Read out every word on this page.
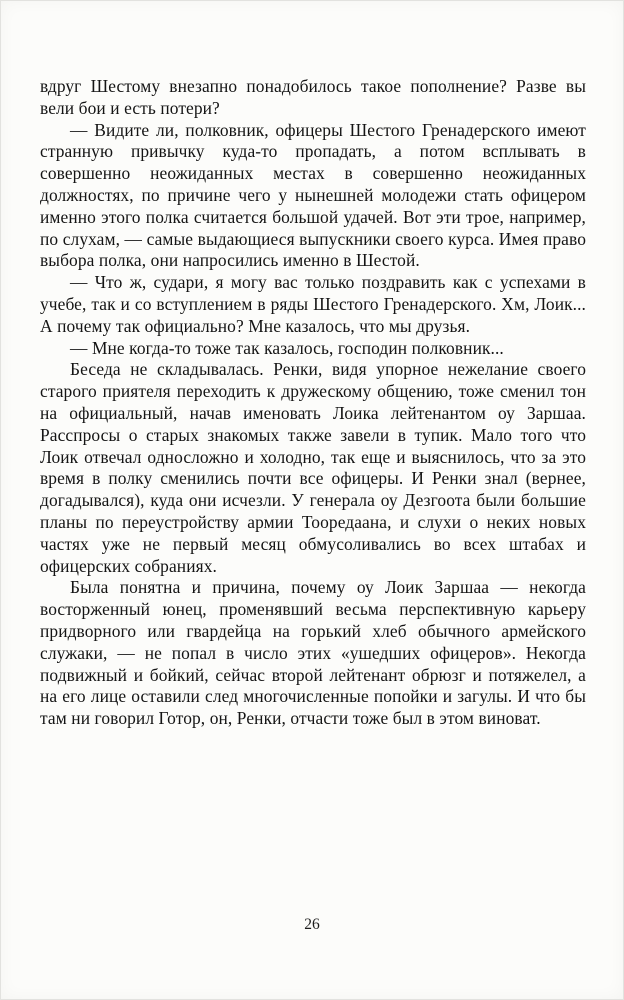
вдруг Шестому внезапно понадобилось такое пополнение? Разве вы вели бои и есть потери?

— Видите ли, полковник, офицеры Шестого Гренадерского имеют странную привычку куда-то пропадать, а потом всплывать в совершенно неожиданных местах в совершенно неожиданных должностях, по причине чего у нынешней молодежи стать офицером именно этого полка считается большой удачей. Вот эти трое, например, по слухам, — самые выдающиеся выпускники своего курса. Имея право выбора полка, они напросились именно в Шестой.

— Что ж, судари, я могу вас только поздравить как с успехами в учебе, так и со вступлением в ряды Шестого Гренадерского. Хм, Лоик... А почему так официально? Мне казалось, что мы друзья.

— Мне когда-то тоже так казалось, господин полковник...

Беседа не складывалась. Ренки, видя упорное нежелание своего старого приятеля переходить к дружескому общению, тоже сменил тон на официальный, начав именовать Лоика лейтенантом оу Заршаа. Расспросы о старых знакомых также завели в тупик. Мало того что Лоик отвечал односложно и холодно, так еще и выяснилось, что за это время в полку сменились почти все офицеры. И Ренки знал (вернее, догадывался), куда они исчезли. У генерала оу Дезгоота были большие планы по переустройству армии Тооредаана, и слухи о неких новых частях уже не первый месяц обмусоливались во всех штабах и офицерских собраниях.

Была понятна и причина, почему оу Лоик Заршаа — некогда восторженный юнец, променявший весьма перспективную карьеру придворного или гвардейца на горький хлеб обычного армейского служаки, — не попал в число этих «ушедших офицеров». Некогда подвижный и бойкий, сейчас второй лейтенант обрюзг и потяжелел, а на его лице оставили след многочисленные попойки и загулы. И что бы там ни говорил Готор, он, Ренки, отчасти тоже был в этом виноват.

26
